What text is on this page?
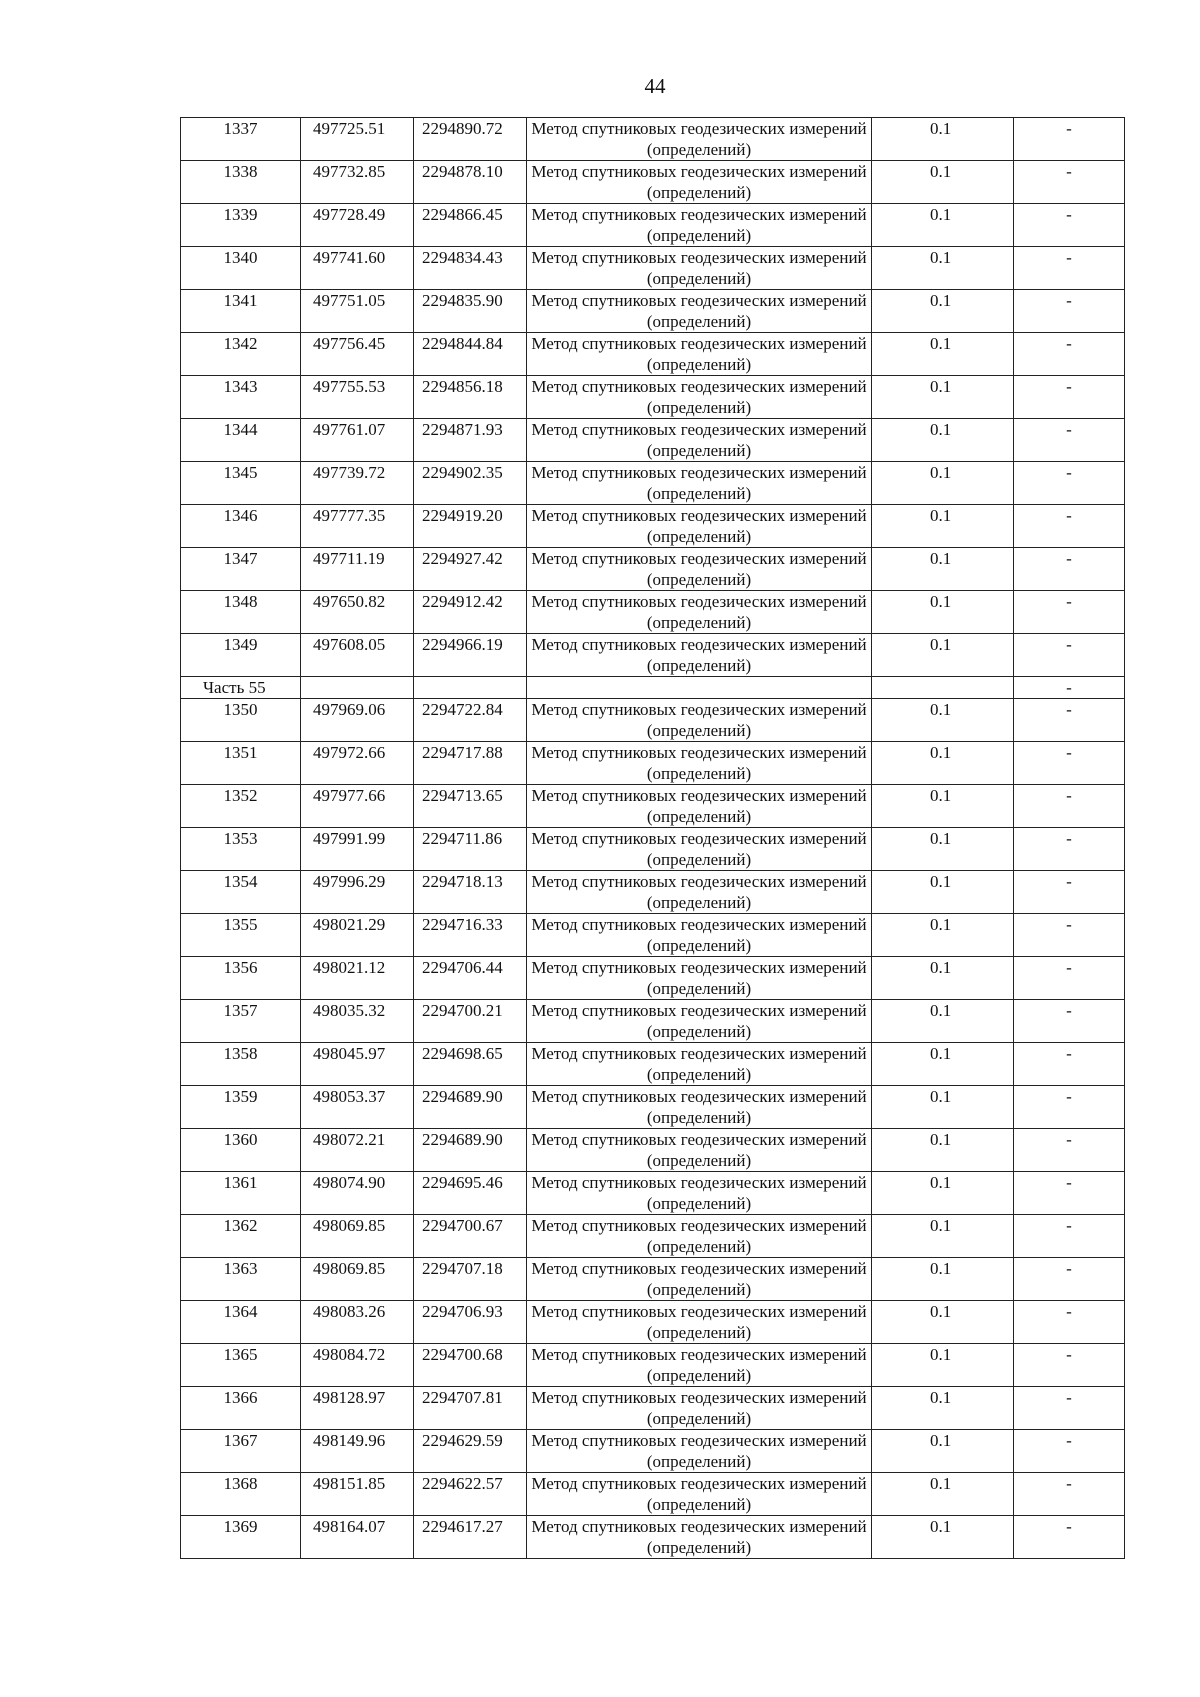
44
1337	497725.51	2294890.72	Метод спутниковых геодезических измерений (определений)	0.1	-
1338	497732.85	2294878.10	Метод спутниковых геодезических измерений (определений)	0.1	-
1339	497728.49	2294866.45	Метод спутниковых геодезических измерений (определений)	0.1	-
1340	497741.60	2294834.43	Метод спутниковых геодезических измерений (определений)	0.1	-
1341	497751.05	2294835.90	Метод спутниковых геодезических измерений (определений)	0.1	-
1342	497756.45	2294844.84	Метод спутниковых геодезических измерений (определений)	0.1	-
1343	497755.53	2294856.18	Метод спутниковых геодезических измерений (определений)	0.1	-
1344	497761.07	2294871.93	Метод спутниковых геодезических измерений (определений)	0.1	-
1345	497739.72	2294902.35	Метод спутниковых геодезических измерений (определений)	0.1	-
1346	497777.35	2294919.20	Метод спутниковых геодезических измерений (определений)	0.1	-
1347	497711.19	2294927.42	Метод спутниковых геодезических измерений (определений)	0.1	-
1348	497650.82	2294912.42	Метод спутниковых геодезических измерений (определений)	0.1	-
1349	497608.05	2294966.19	Метод спутниковых геодезических измерений (определений)	0.1	-
Часть 55					-
1350	497969.06	2294722.84	Метод спутниковых геодезических измерений (определений)	0.1	-
1351	497972.66	2294717.88	Метод спутниковых геодезических измерений (определений)	0.1	-
1352	497977.66	2294713.65	Метод спутниковых геодезических измерений (определений)	0.1	-
1353	497991.99	2294711.86	Метод спутниковых геодезических измерений (определений)	0.1	-
1354	497996.29	2294718.13	Метод спутниковых геодезических измерений (определений)	0.1	-
1355	498021.29	2294716.33	Метод спутниковых геодезических измерений (определений)	0.1	-
1356	498021.12	2294706.44	Метод спутниковых геодезических измерений (определений)	0.1	-
1357	498035.32	2294700.21	Метод спутниковых геодезических измерений (определений)	0.1	-
1358	498045.97	2294698.65	Метод спутниковых геодезических измерений (определений)	0.1	-
1359	498053.37	2294689.90	Метод спутниковых геодезических измерений (определений)	0.1	-
1360	498072.21	2294689.90	Метод спутниковых геодезических измерений (определений)	0.1	-
1361	498074.90	2294695.46	Метод спутниковых геодезических измерений (определений)	0.1	-
1362	498069.85	2294700.67	Метод спутниковых геодезических измерений (определений)	0.1	-
1363	498069.85	2294707.18	Метод спутниковых геодезических измерений (определений)	0.1	-
1364	498083.26	2294706.93	Метод спутниковых геодезических измерений (определений)	0.1	-
1365	498084.72	2294700.68	Метод спутниковых геодезических измерений (определений)	0.1	-
1366	498128.97	2294707.81	Метод спутниковых геодезических измерений (определений)	0.1	-
1367	498149.96	2294629.59	Метод спутниковых геодезических измерений (определений)	0.1	-
1368	498151.85	2294622.57	Метод спутниковых геодезических измерений (определений)	0.1	-
1369	498164.07	2294617.27	Метод спутниковых геодезических измерений (определений)	0.1	-
